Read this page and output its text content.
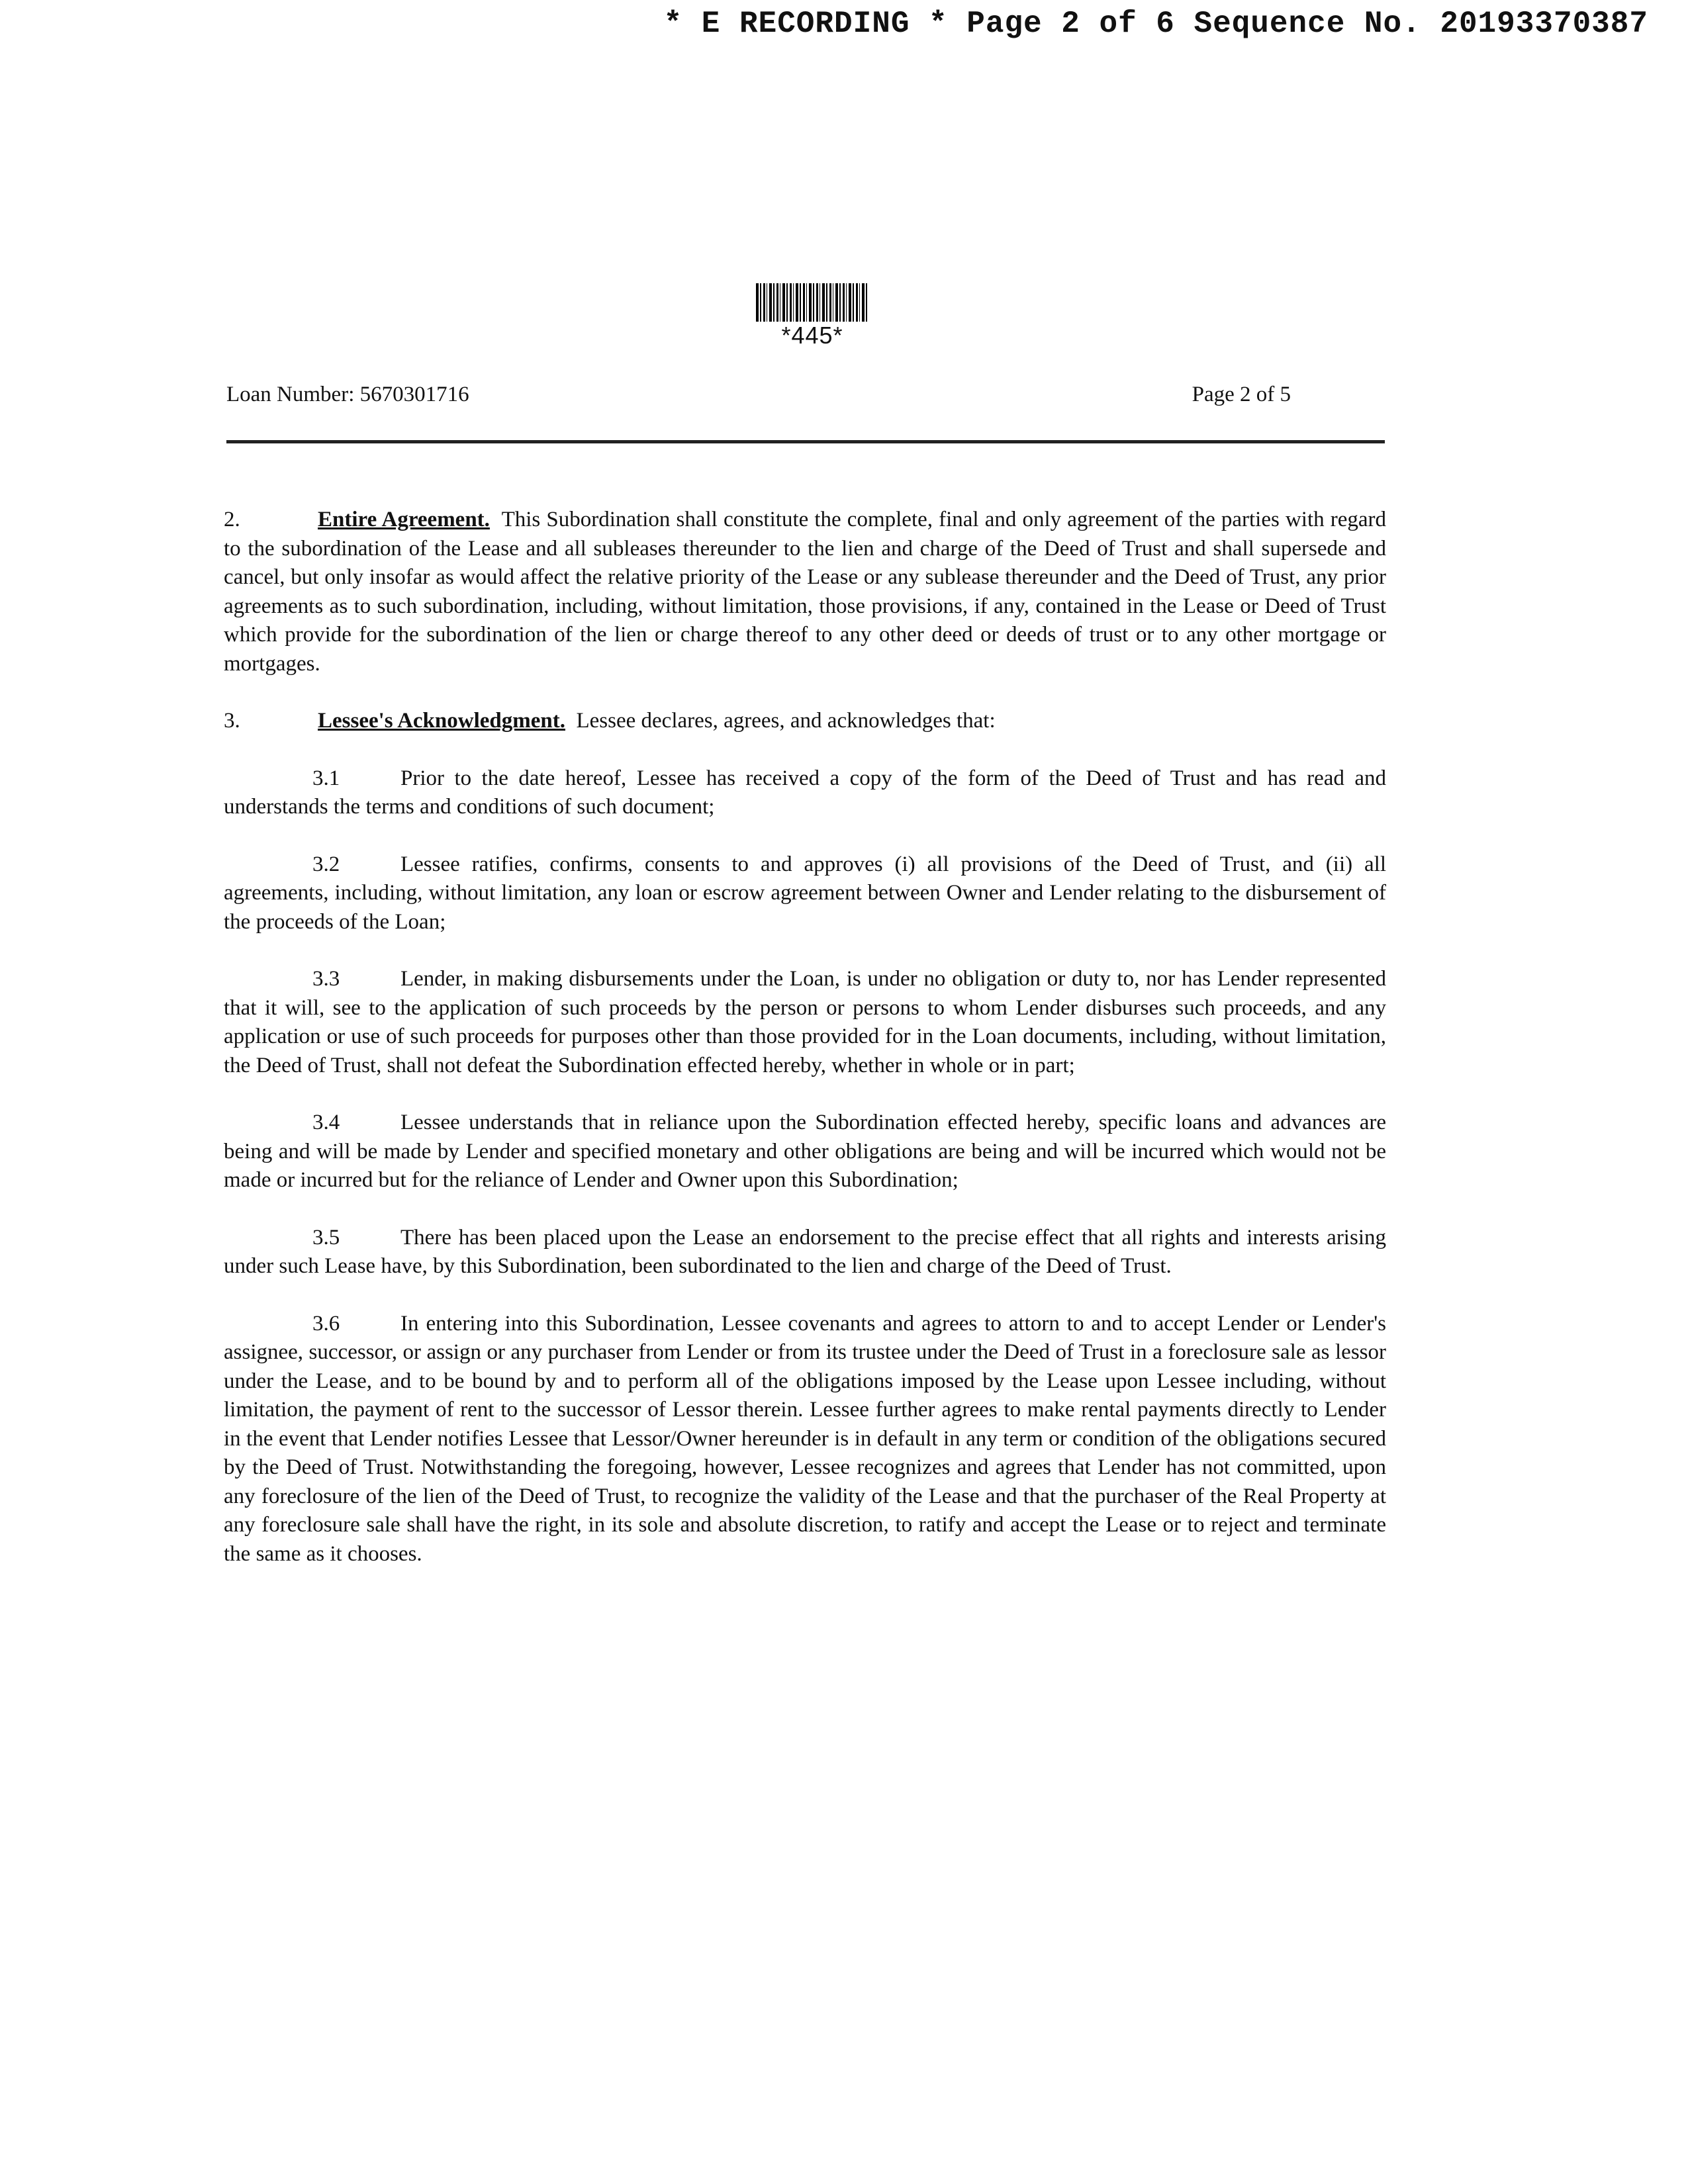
* E RECORDING * Page 2 of 6 Sequence No. 20193370387
*445*
Loan Number: 5670301716	Page 2 of 5

2.	Entire Agreement. This Subordination shall constitute the complete, final and only agreement of the parties with regard to the subordination of the Lease and all subleases thereunder to the lien and charge of the Deed of Trust and shall supersede and cancel, but only insofar as would affect the relative priority of the Lease or any sublease thereunder and the Deed of Trust, any prior agreements as to such subordination, including, without limitation, those provisions, if any, contained in the Lease or Deed of Trust which provide for the subordination of the lien or charge thereof to any other deed or deeds of trust or to any other mortgage or mortgages.

3.	Lessee's Acknowledgment. Lessee declares, agrees, and acknowledges that:

3.1	Prior to the date hereof, Lessee has received a copy of the form of the Deed of Trust and has read and understands the terms and conditions of such document;

3.2	Lessee ratifies, confirms, consents to and approves (i) all provisions of the Deed of Trust, and (ii) all agreements, including, without limitation, any loan or escrow agreement between Owner and Lender relating to the disbursement of the proceeds of the Loan;

3.3	Lender, in making disbursements under the Loan, is under no obligation or duty to, nor has Lender represented that it will, see to the application of such proceeds by the person or persons to whom Lender disburses such proceeds, and any application or use of such proceeds for purposes other than those provided for in the Loan documents, including, without limitation, the Deed of Trust, shall not defeat the Subordination effected hereby, whether in whole or in part;

3.4	Lessee understands that in reliance upon the Subordination effected hereby, specific loans and advances are being and will be made by Lender and specified monetary and other obligations are being and will be incurred which would not be made or incurred but for the reliance of Lender and Owner upon this Subordination;

3.5	There has been placed upon the Lease an endorsement to the precise effect that all rights and interests arising under such Lease have, by this Subordination, been subordinated to the lien and charge of the Deed of Trust.

3.6	In entering into this Subordination, Lessee covenants and agrees to attorn to and to accept Lender or Lender's assignee, successor, or assign or any purchaser from Lender or from its trustee under the Deed of Trust in a foreclosure sale as lessor under the Lease, and to be bound by and to perform all of the obligations imposed by the Lease upon Lessee including, without limitation, the payment of rent to the successor of Lessor therein. Lessee further agrees to make rental payments directly to Lender in the event that Lender notifies Lessee that Lessor/Owner hereunder is in default in any term or condition of the obligations secured by the Deed of Trust. Notwithstanding the foregoing, however, Lessee recognizes and agrees that Lender has not committed, upon any foreclosure of the lien of the Deed of Trust, to recognize the validity of the Lease and that the purchaser of the Real Property at any foreclosure sale shall have the right, in its sole and absolute discretion, to ratify and accept the Lease or to reject and terminate the same as it chooses.
